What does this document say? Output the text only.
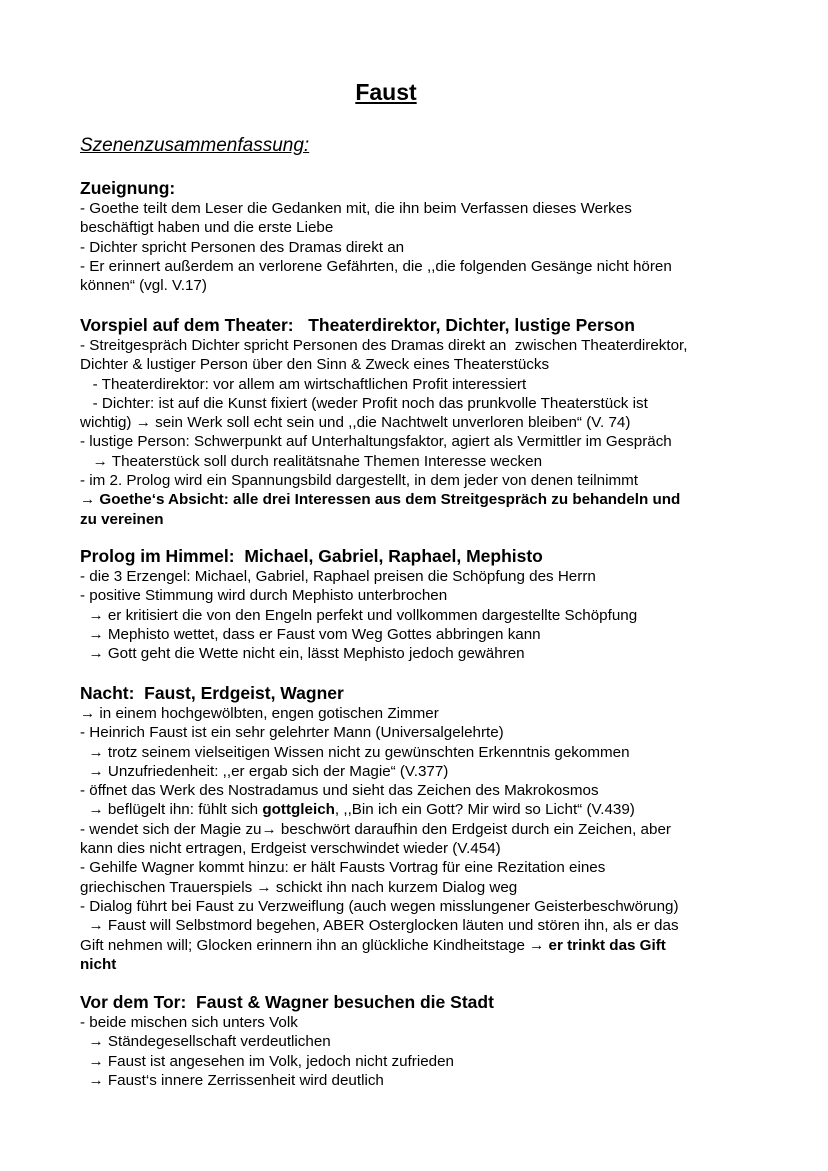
Faust
Szenenzusammenfassung:

Zueignung:

- Goethe teilt dem Leser die Gedanken mit, die ihn beim Verfassen dieses Werkes

beschäftigt haben und die erste Liebe

- Dichter spricht Personen des Dramas direkt an

- Er erinnert außerdem an verlorene Gefährten, die ,,die folgenden Gesänge nicht hören

können“ (vgl. V.17)

Vorspiel auf dem Theater:   Theaterdirektor, Dichter, lustige Person

- Streitgespräch Dichter spricht Personen des Dramas direkt an  zwischen Theaterdirektor,

Dichter & lustiger Person über den Sinn & Zweck eines Theaterstücks

- Theaterdirektor: vor allem am wirtschaftlichen Profit interessiert

- Dichter: ist auf die Kunst fixiert (weder Profit noch das prunkvolle Theaterstück ist

wichtig) → sein Werk soll echt sein und ,,die Nachtwelt unverloren bleiben“ (V. 74)

- lustige Person: Schwerpunkt auf Unterhaltungsfaktor, agiert als Vermittler im Gespräch

→ Theaterstück soll durch realitätsnahe Themen Interesse wecken

- im 2. Prolog wird ein Spannungsbild dargestellt, in dem jeder von denen teilnimmt

→ Goethe‘s Absicht: alle drei Interessen aus dem Streitgespräch zu behandeln und

zu vereinen

Prolog im Himmel:  Michael, Gabriel, Raphael, Mephisto

- die 3 Erzengel: Michael, Gabriel, Raphael preisen die Schöpfung des Herrn

- positive Stimmung wird durch Mephisto unterbrochen

→ er kritisiert die von den Engeln perfekt und vollkommen dargestellte Schöpfung

→ Mephisto wettet, dass er Faust vom Weg Gottes abbringen kann

→ Gott geht die Wette nicht ein, lässt Mephisto jedoch gewähren

Nacht:  Faust, Erdgeist, Wagner

→ in einem hochgewölbten, engen gotischen Zimmer

- Heinrich Faust ist ein sehr gelehrter Mann (Universalgelehrte)

→ trotz seinem vielseitigen Wissen nicht zu gewünschten Erkenntnis gekommen

→ Unzufriedenheit: ,,er ergab sich der Magie“ (V.377)

- öffnet das Werk des Nostradamus und sieht das Zeichen des Makrokosmos

→ beflügelt ihn: fühlt sich gottgleich, ,,Bin ich ein Gott? Mir wird so Licht“ (V.439)

- wendet sich der Magie zu→ beschwört daraufhin den Erdgeist durch ein Zeichen, aber

kann dies nicht ertragen, Erdgeist verschwindet wieder (V.454)

- Gehilfe Wagner kommt hinzu: er hält Fausts Vortrag für eine Rezitation eines

griechischen Trauerspiels → schickt ihn nach kurzem Dialog weg

- Dialog führt bei Faust zu Verzweiflung (auch wegen misslungener Geisterbeschwörung)

→ Faust will Selbstmord begehen, ABER Osterglocken läuten und stören ihn, als er das

Gift nehmen will; Glocken erinnern ihn an glückliche Kindheitstage → er trinkt das Gift

nicht

Vor dem Tor:  Faust & Wagner besuchen die Stadt

- beide mischen sich unters Volk

→ Ständegesellschaft verdeutlichen

→ Faust ist angesehen im Volk, jedoch nicht zufrieden

→ Faust‘s innere Zerrissenheit wird deutlich
